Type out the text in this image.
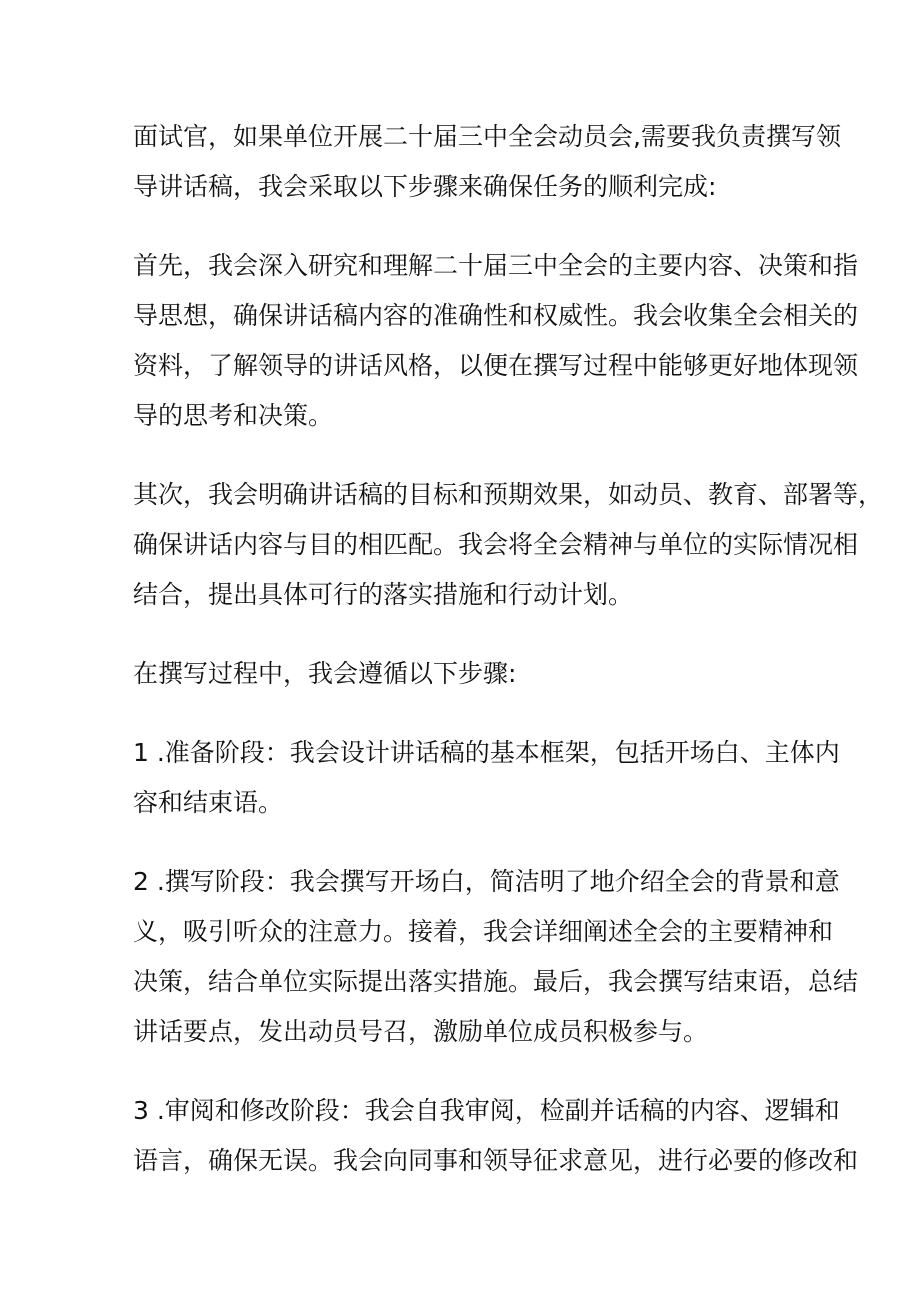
面试官，如果单位开展二十届三中全会动员会,需要我负责撰写领
导讲话稿，我会采取以下步骤来确保任务的顺利完成:

首先，我会深入研究和理解二十届三中全会的主要内容、决策和指
导思想，确保讲话稿内容的准确性和权威性。我会收集全会相关的
资料，了解领导的讲话风格，以便在撰写过程中能够更好地体现领
导的思考和决策。

其次，我会明确讲话稿的目标和预期效果，如动员、教育、部署等，
确保讲话内容与目的相匹配。我会将全会精神与单位的实际情况相
结合，提出具体可行的落实措施和行动计划。

在撰写过程中，我会遵循以下步骤:

1 .准备阶段：我会设计讲话稿的基本框架，包括开场白、主体内
容和结束语。

2 .撰写阶段：我会撰写开场白，简洁明了地介绍全会的背景和意
义，吸引听众的注意力。接着，我会详细阐述全会的主要精神和
决策，结合单位实际提出落实措施。最后，我会撰写结束语，总结
讲话要点，发出动员号召，激励单位成员积极参与。

3 .审阅和修改阶段：我会自我审阅，检副并话稿的内容、逻辑和
语言，确保无误。我会向同事和领导征求意见，进行必要的修改和
